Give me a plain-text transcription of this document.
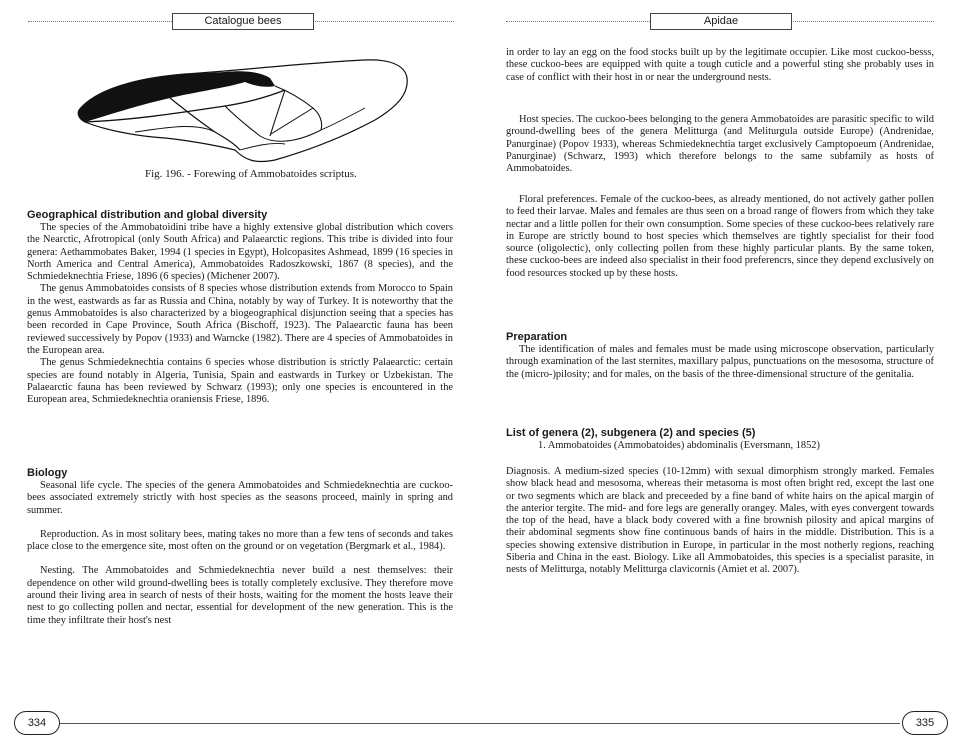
Catalogue bees
Fig. 196. - Forewing of Ammobatoides scriptus.
Geographical distribution and global diversity

The species of the Ammobatoidini tribe have a highly extensive global distribution which covers the Nearctic, Afrotropical (only South Africa) and Palaearctic regions. This tribe is divided into four genera: Aethammobates Baker, 1994 (1 species in Egypt), Holcopasites Ashmead, 1899 (16 species in North America and Central America), Ammobatoides Radoszkowski, 1867 (8 species), and the Schmiedeknechtia Friese, 1896 (6 species) (Michener 2007).

The genus Ammobatoides consists of 8 species whose distribution extends from Morocco to Spain in the west, eastwards as far as Russia and China, notably by way of Turkey. It is noteworthy that the genus Ammobatoides is also characterized by a biogeographical disjunction seeing that a species has been recorded in Cape Province, South Africa (Bischoff, 1923). The Palaearctic fauna has been reviewed successively by Popov (1933) and Warncke (1982). There are 4 species of Ammobatoides in the European area.

The genus Schmiedeknechtia contains 6 species whose distribution is strictly Palaearctic: certain species are found notably in Algeria, Tunisia, Spain and eastwards in Turkey or Uzbekistan. The Palaearctic fauna has been reviewed by Schwarz (1993); only one species is encountered in the European area, Schmiedeknechtia oraniensis Friese, 1896.

Biology

Seasonal life cycle. The species of the genera Ammobatoides and Schmiedeknechtia are cuckoo-bees associated extremely strictly with host species as the seasons proceed, mainly in spring and summer.

Reproduction. As in most solitary bees, mating takes no more than a few tens of seconds and takes place close to the emergence site, most often on the ground or on vegetation (Bergmark et al., 1984).

Nesting. The Ammobatoides and Schmiedeknechtia never build a nest themselves: their dependence on other wild ground-dwelling bees is totally completely exclusive. They therefore move around their living area in search of nests of their hosts, waiting for the moment the hosts leave their nest to go collecting pollen and nectar, essential for development of the new generation. This is the time they infiltrate their host's nest

334
Apidae

in order to lay an egg on the food stocks built up by the legitimate occupier. Like most cuckoo-besss, these cuckoo-bees are equipped with quite a tough cuticle and a powerful sting she probably uses in case of conflict with their host in or near the underground nests.

Host species. The cuckoo-bees belonging to the genera Ammobatoides are parasitic specific to wild ground-dwelling bees of the genera Melitturga (and Meliturgula outside Europe) (Andrenidae, Panurginae) (Popov 1933), whereas Schmiedeknechtia target exclusively Camptopoeum (Andrenidae, Panurginae) (Schwarz, 1993) which therefore belongs to the same subfamily as hosts of Ammobatoides.

Floral preferences. Female of the cuckoo-bees, as already mentioned, do not actively gather pollen to feed their larvae. Males and females are thus seen on a broad range of flowers from which they take nectar and a little pollen for their own consumption. Some species of these cuckoo-bees relatively rare in Europe are strictly bound to host species which themselves are tightly specialist for their food source (oligolectic), only collecting pollen from these highly particular plants. By the same token, these cuckoo-bees are indeed also specialist in their food preferencrs, since they depend exclusively on food resources stocked up by these hosts.

Preparation

The identification of males and females must be made using microscope observation, particularly through examination of the last sternites, maxillary palpus, punctuations on the mesosoma, structure of the (micro-)pilosity; and for males, on the basis of the three-dimensional structure of the genitalia.

List of genera (2), subgenera (2) and species (5)

1. Ammobatoides (Ammobatoides) abdominalis (Eversmann, 1852)

Diagnosis. A medium-sized species (10-12mm) with sexual dimorphism strongly marked. Females show black head and mesosoma, whereas their metasoma is most often bright red, except the last one or two segments which are black and preceeded by a fine band of white hairs on the apical margin of the anterior tergite. The mid- and fore legs are generally orangey. Males, with eyes convergent towards the top of the head, have a black body covered with a fine brownish pilosity and apical margins of their abdominal segments show fine continuous bands of hairs in the middle. Distribution. This is a species showing extensive distribution in Europe, in particular in the most notherly regions, reaching Siberia and China in the east. Biology. Like all Ammobatoides, this species is a specialist parasite, in nests of Melitturga, notably Melitturga clavicornis (Amiet et al. 2007).

335
